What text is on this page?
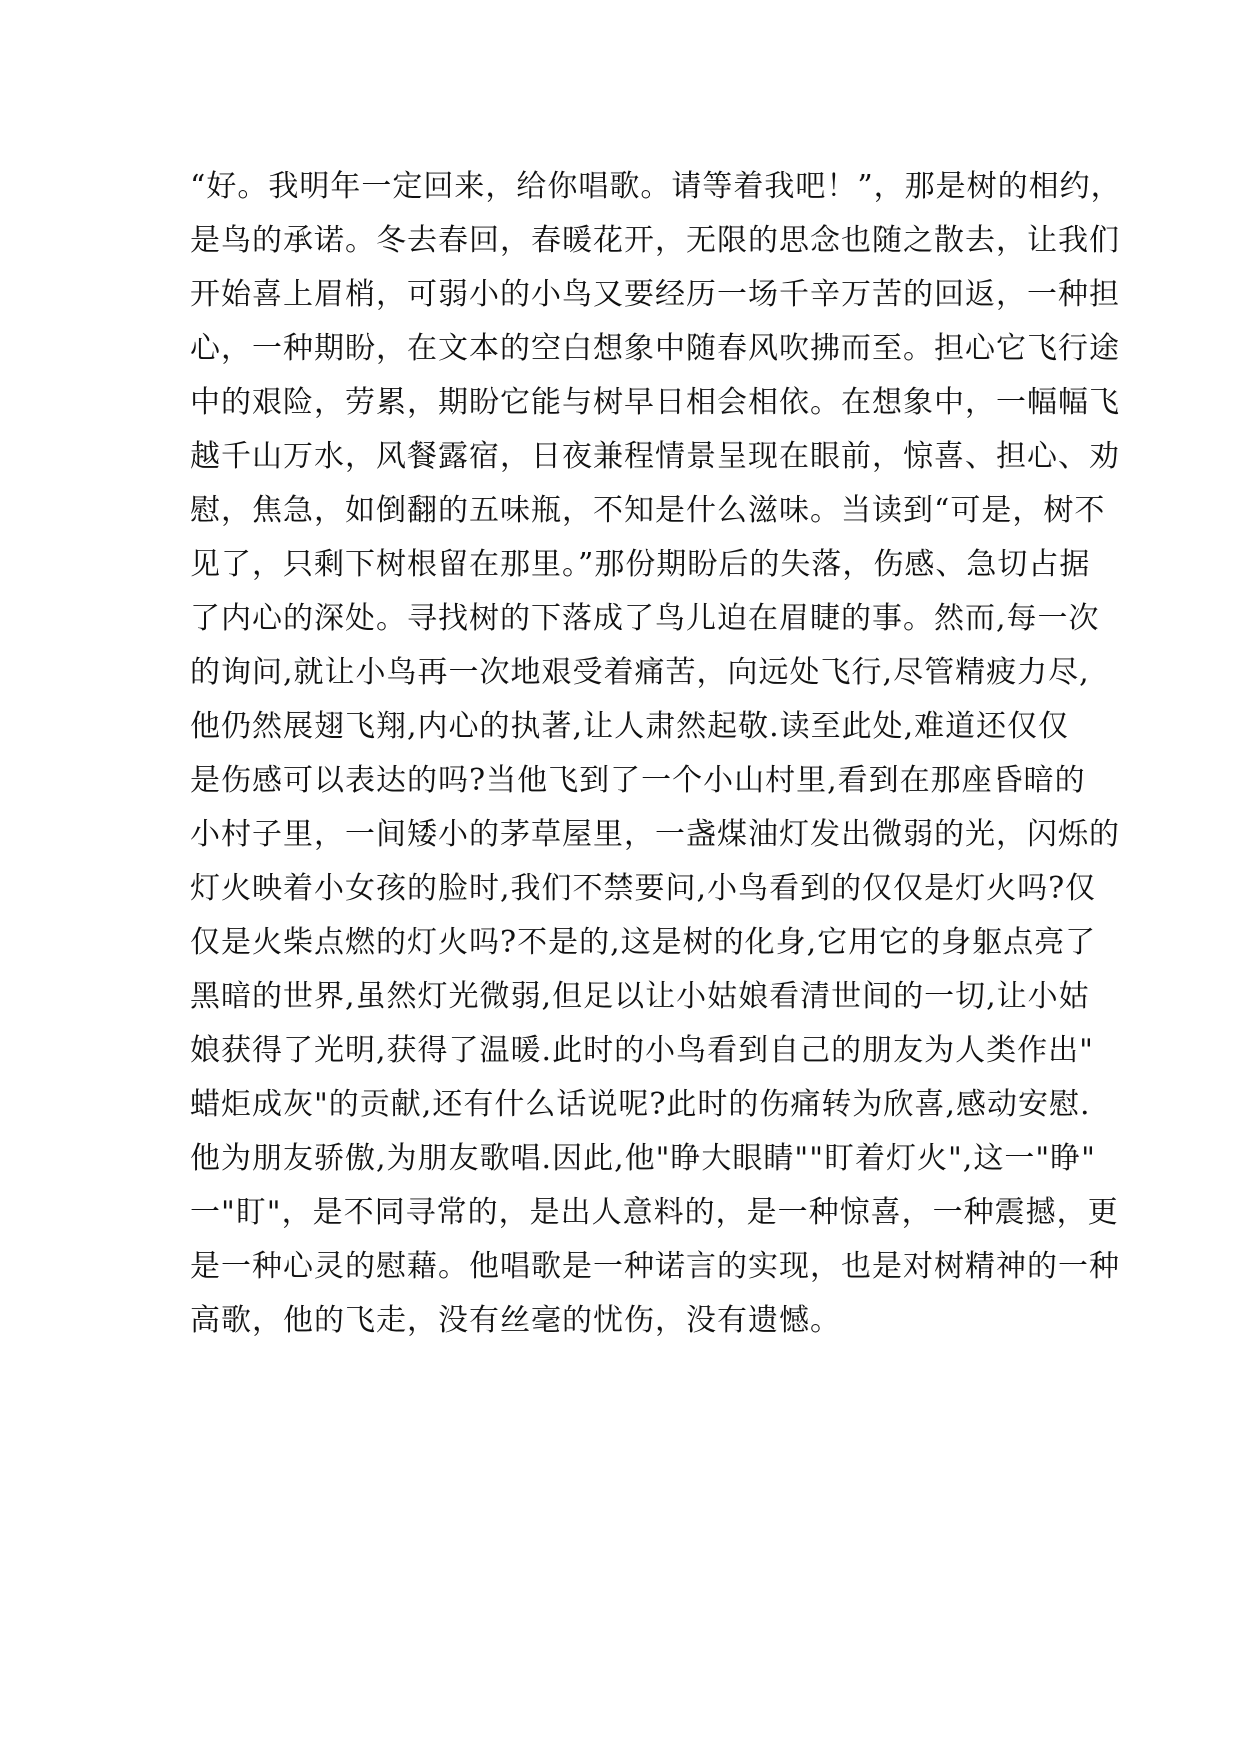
“好。我明年一定回来，给你唱歌。请等着我吧！”，那是树的相约，
是鸟的承诺。冬去春回，春暖花开，无限的思念也随之散去，让我们
开始喜上眉梢，可弱小的小鸟又要经历一场千辛万苦的回返，一种担
心，一种期盼，在文本的空白想象中随春风吹拂而至。担心它飞行途
中的艰险，劳累，期盼它能与树早日相会相依。在想象中，一幅幅飞
越千山万水，风餐露宿，日夜兼程情景呈现在眼前，惊喜、担心、劝
慰，焦急，如倒翻的五味瓶，不知是什么滋味。当读到“可是，树不
见了，只剩下树根留在那里。”那份期盼后的失落，伤感、急切占据
了内心的深处。寻找树的下落成了鸟儿迫在眉睫的事。然而,每一次
的询问,就让小鸟再一次地艰受着痛苦，向远处飞行,尽管精疲力尽,
他仍然展翅飞翔,内心的执著,让人肃然起敬.读至此处,难道还仅仅
是伤感可以表达的吗?当他飞到了一个小山村里,看到在那座昏暗的
小村子里，一间矮小的茅草屋里，一盏煤油灯发出微弱的光，闪烁的
灯火映着小女孩的脸时,我们不禁要问,小鸟看到的仅仅是灯火吗?仅
仅是火柴点燃的灯火吗?不是的,这是树的化身,它用它的身躯点亮了
黑暗的世界,虽然灯光微弱,但足以让小姑娘看清世间的一切,让小姑
娘获得了光明,获得了温暖.此时的小鸟看到自己的朋友为人类作出"
蜡炬成灰"的贡献,还有什么话说呢?此时的伤痛转为欣喜,感动安慰.
他为朋友骄傲,为朋友歌唱.因此,他"睁大眼睛""盯着灯火",这一"睁"
一"盯"，是不同寻常的，是出人意料的，是一种惊喜，一种震撼，更
是一种心灵的慰藉。他唱歌是一种诺言的实现，也是对树精神的一种
高歌，他的飞走，没有丝毫的忧伤，没有遗憾。
